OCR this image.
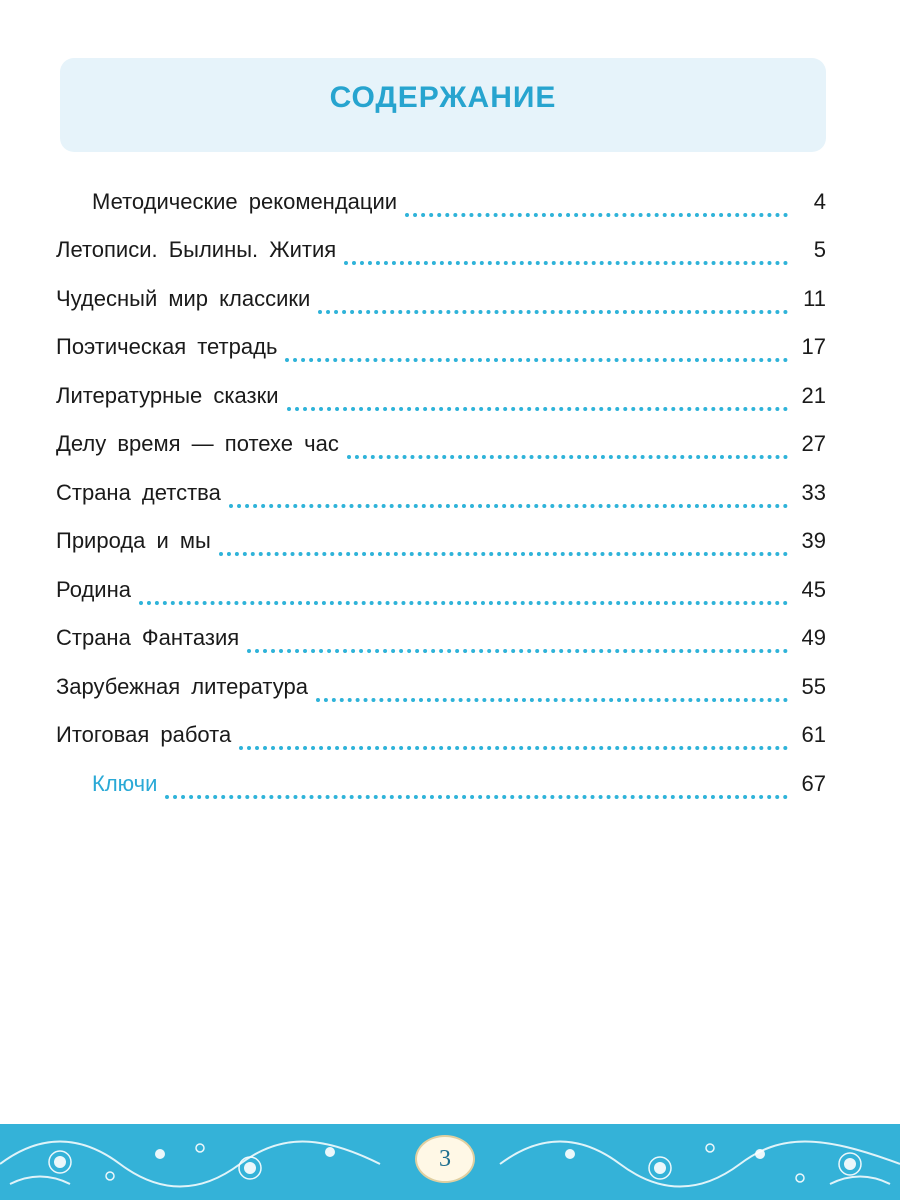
СОДЕРЖАНИЕ
Методические рекомендации	4
Летописи. Былины. Жития	5
Чудесный мир классики	11
Поэтическая тетрадь	17
Литературные сказки	21
Делу время — потехе час	27
Страна детства	33
Природа и мы	39
Родина	45
Страна Фантазия	49
Зарубежная литература	55
Итоговая работа	61
Ключи	67
3
